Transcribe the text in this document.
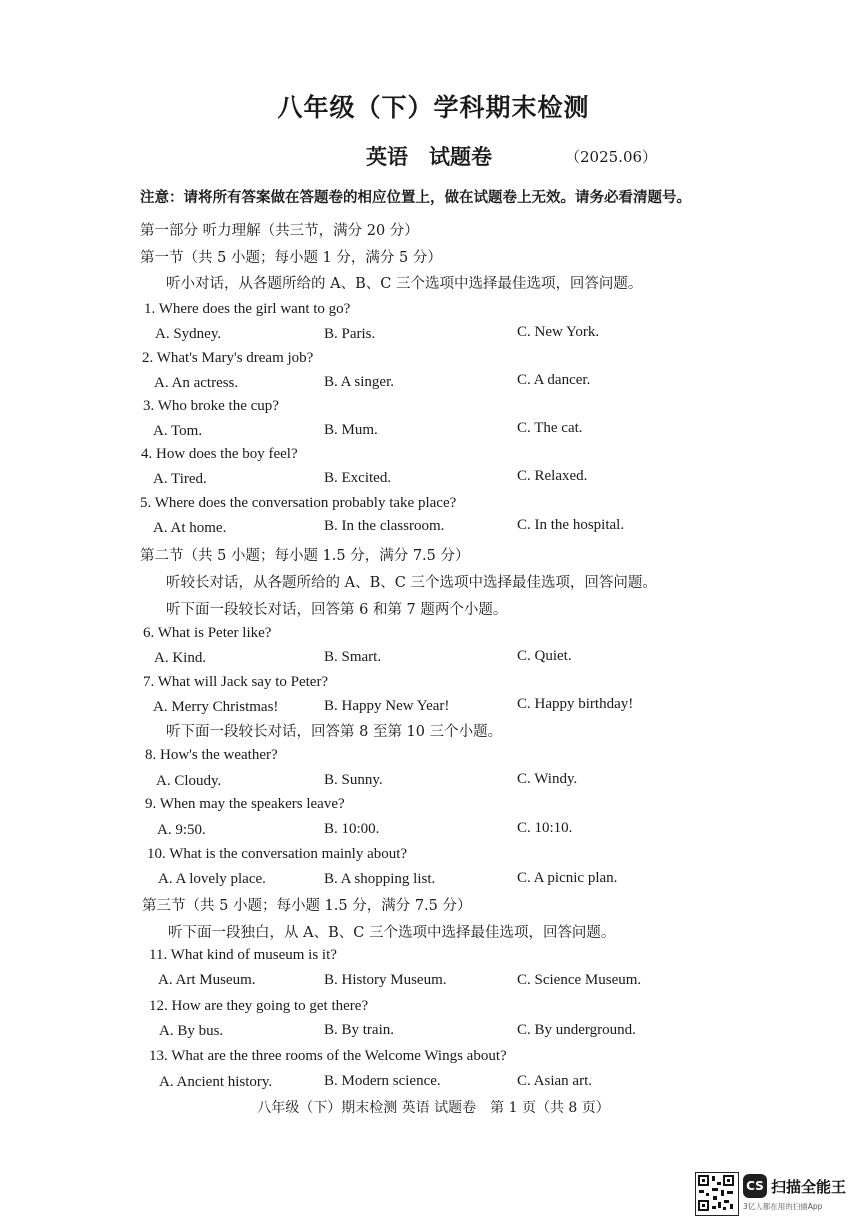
八年级（下）学科期末检测
英语　试题卷	（2025.06）
注意：请将所有答案做在答题卷的相应位置上，做在试题卷上无效。请务必看清题号。
第一部分 听力理解（共三节，满分 20 分）
第一节（共 5 小题；每小题 1 分，满分 5 分）
听小对话，从各题所给的 A、B、C 三个选项中选择最佳选项，回答问题。
1. Where does the girl want to go?
A. Sydney.	B. Paris.	C. New York.
2. What's Mary's dream job?
A. An actress.	B. A singer.	C. A dancer.
3. Who broke the cup?
A. Tom.	B. Mum.	C. The cat.
4. How does the boy feel?
A. Tired.	B. Excited.	C. Relaxed.
5. Where does the conversation probably take place?
A. At home.	B. In the classroom.	C. In the hospital.
第二节（共 5 小题；每小题 1.5 分，满分 7.5 分）
听较长对话，从各题所给的 A、B、C 三个选项中选择最佳选项，回答问题。
听下面一段较长对话，回答第 6 和第 7 题两个小题。
6. What is Peter like?
A. Kind.	B. Smart.	C. Quiet.
7. What will Jack say to Peter?
A. Merry Christmas!	B. Happy New Year!	C. Happy birthday!
听下面一段较长对话，回答第 8 至第 10 三个小题。
8. How's the weather?
A. Cloudy.	B. Sunny.	C. Windy.
9. When may the speakers leave?
A. 9:50.	B. 10:00.	C. 10:10.
10. What is the conversation mainly about?
A. A lovely place.	B. A shopping list.	C. A picnic plan.
第三节（共 5 小题；每小题 1.5 分，满分 7.5 分）
听下面一段独白，从 A、B、C 三个选项中选择最佳选项，回答问题。
11. What kind of museum is it?
A. Art Museum.	B. History Museum.	C. Science Museum.
12. How are they going to get there?
A. By bus.	B. By train.	C. By underground.
13. What are the three rooms of the Welcome Wings about?
A. Ancient history.	B. Modern science.	C. Asian art.
八年级（下）期末检测 英语 试题卷　第 1 页（共 8 页）
CS 扫描全能王
3亿人都在用的扫描App
